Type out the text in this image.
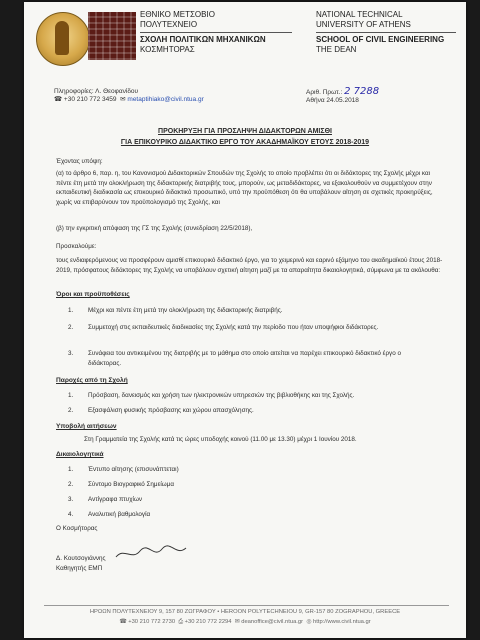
ΕΘΝΙΚΟ ΜΕΤΣΟΒΙΟ
ΠΟΛΥΤΕΧΝΕΙΟ
ΣΧΟΛΗ ΠΟΛΙΤΙΚΩΝ ΜΗΧΑΝΙΚΩΝ
ΚΟΣΜΗΤΟΡΑΣ
NATIONAL TECHNICAL
UNIVERSITY OF ATHENS
SCHOOL OF CIVIL ENGINEERING
THE DEAN
Πληροφορίες: Λ. Θεοφανίδου
☎ +30 210 772 3459 ✉ metaptihiako@civil.ntua.gr
Αριθ. Πρωτ.: 2 7288
Αθήνα 24.05.2018
ΠΡΟΚΗΡΥΞΗ ΓΙΑ ΠΡΟΣΛΗΨΗ ΔΙΔΑΚΤΟΡΩΝ ΑΜΙΣΘΙ
ΓΙΑ ΕΠΙΚΟΥΡΙΚΟ ΔΙΔΑΚΤΙΚΟ ΕΡΓΟ ΤΟΥ ΑΚΑΔΗΜΑΪΚΟΥ ΕΤΟΥΣ 2018-2019
Έχοντας υπόψη:
(α) το άρθρο 6, παρ. η, του Κανονισμού Διδακτορικών Σπουδών της Σχολής το οποίο προβλέπει ότι οι διδάκτορες της Σχολής μέχρι και πέντε έτη μετά την ολοκλήρωση της διδακτορικής διατριβής τους, μπορούν, ως μεταδιδάκτορες, να εξακολουθούν να συμμετέχουν στην εκπαιδευτική διαδικασία ως επικουρικό διδακτικό προσωπικό, υπό την προϋπόθεση ότι θα υποβάλουν αίτηση σε σχετικές προκηρύξεις, χωρίς να επιβαρύνουν τον προϋπολογισμό της Σχολής, και
(β) την εγκριτική απόφαση της ΓΣ της Σχολής (συνεδρίαση 22/5/2018),
Προσκαλούμε:
τους ενδιαφερόμενους να προσφέρουν αμισθί επικουρικό διδακτικό έργο, για το χειμερινό και εαρινό εξάμηνο του ακαδημαϊκού έτους 2018-2019, πρόσφατους διδάκτορες της Σχολής να υποβάλουν σχετική αίτηση μαζί με τα απαραίτητα δικαιολογητικά, σύμφωνα με τα ακόλουθα:
Όροι και προϋποθέσεις
1. Μέχρι και πέντε έτη μετά την ολοκλήρωση της διδακτορικής διατριβής.
2. Συμμετοχή στις εκπαιδευτικές διαδικασίες της Σχολής κατά την περίοδο που ήταν υποψήφιοι διδάκτορες.
3. Συνάφεια του αντικειμένου της διατριβής με το μάθημα στο οποίο αιτείται να παρέχει επικουρικό διδακτικό έργο ο διδάκτορας.
Παροχές από τη Σχολή
1. Πρόσβαση, δανεισμός και χρήση των ηλεκτρονικών υπηρεσιών της βιβλιοθήκης και της Σχολής.
2. Εξασφάλιση φυσικής πρόσβασης και χώρου απασχόλησης.
Υποβολή αιτήσεων
Στη Γραμματεία της Σχολής κατά τις ώρες υποδοχής κοινού (11.00 με 13.30) μέχρι 1 Ιουνίου 2018.
Δικαιολογητικά
1. Έντυπο αίτησης (επισυνάπτεται)
2. Σύντομο Βιογραφικό Σημείωμα
3. Αντίγραφα πτυχίων
4. Αναλυτική βαθμολογία
Ο Κοσμήτορας
Δ. Κουτσογιάννης
Καθηγητής ΕΜΠ
ΗΡΩΩΝ ΠΟΛΥΤΕΧΝΕΙΟΥ 9, 157 80 ΖΩΓΡΑΦΟΥ • HEROON POLYTECHNEIOU 9, GR-157 80 ZOGRAPHOU, GREECE
☎ +30 210 772 2730 ⎙ +30 210 772 2294 ✉ deanoffice@civil.ntua.gr ◎ http://www.civil.ntua.gr
